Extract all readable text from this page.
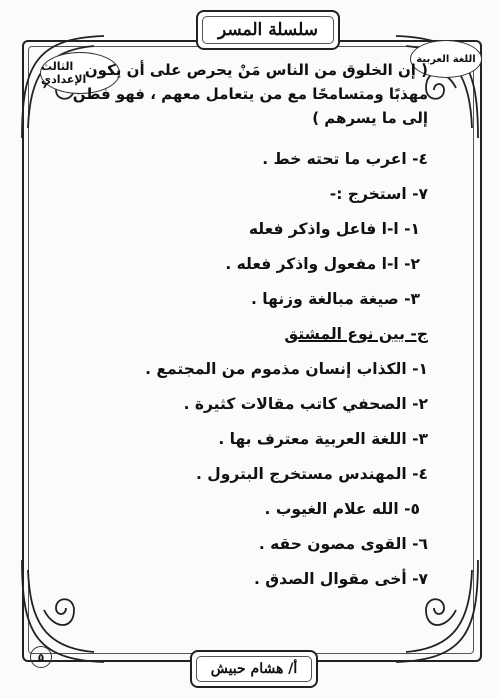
سلسلة المسر
الثالث الإعدادي
اللغة العربية

( إن الخلوق من الناس مَنْ يحرص على أن يكون مهذبًا ومتسامحًا مع من يتعامل معهم ، فهو فطن إلى ما يسرهم )

٤- اعرب ما تحته خط .
٧- استخرج :-
١- ا-ا فاعل واذكر فعله
٢- ا-ا مفعول واذكر فعله .
٣- صيغة مبالغة وزنها .
ج- بين نوع المشتق
١- الكذاب إنسان مذموم من المجتمع .
٢- الصحفي كاتب مقالات كثيرة .
٣- اللغة العربية معترف بها .
٤- المهندس مستخرج البترول .
٥- الله علام الغيوب .
٦- القوى مصون حقه .
٧- أخى مقوال الصدق .
أ/ هشام حبيش
٥
